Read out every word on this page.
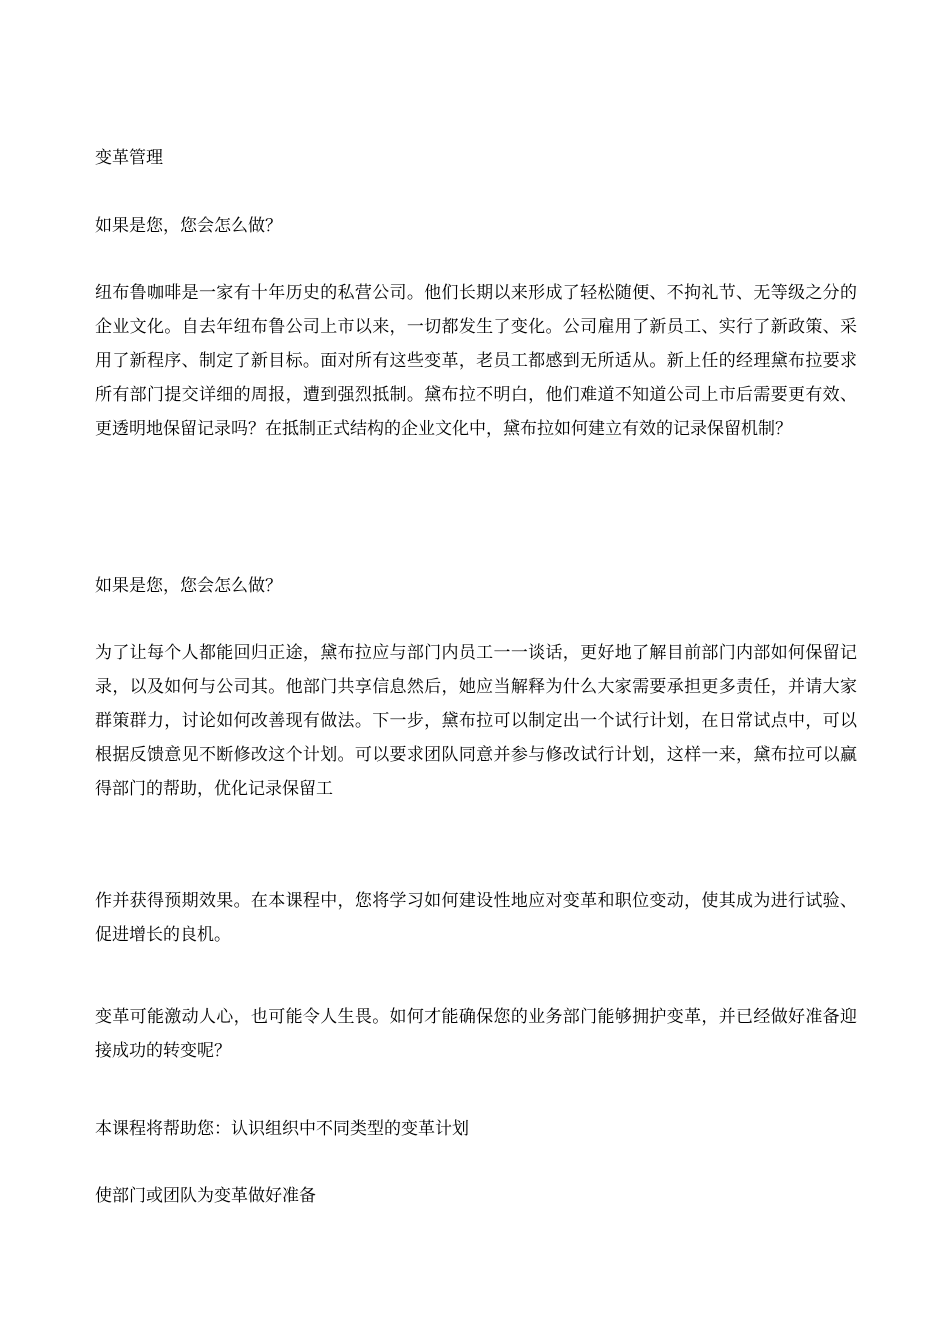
变革管理

如果是您，您会怎么做？

纽布鲁咖啡是一家有十年历史的私营公司。他们长期以来形成了轻松随便、不拘礼节、无等级之分的企业文化。自去年纽布鲁公司上市以来，一切都发生了变化。公司雇用了新员工、实行了新政策、采用了新程序、制定了新目标。面对所有这些变革，老员工都感到无所适从。新上任的经理黛布拉要求所有部门提交详细的周报，遭到强烈抵制。黛布拉不明白，他们难道不知道公司上市后需要更有效、更透明地保留记录吗？在抵制正式结构的企业文化中，黛布拉如何建立有效的记录保留机制？

如果是您，您会怎么做？

为了让每个人都能回归正途，黛布拉应与部门内员工一一谈话，更好地了解目前部门内部如何保留记录，以及如何与公司其。他部门共享信息然后，她应当解释为什么大家需要承担更多责任，并请大家群策群力，讨论如何改善现有做法。下一步，黛布拉可以制定出一个试行计划，在日常试点中，可以根据反馈意见不断修改这个计划。可以要求团队同意并参与修改试行计划，这样一来，黛布拉可以赢得部门的帮助，优化记录保留工

作并获得预期效果。在本课程中，您将学习如何建设性地应对变革和职位变动，使其成为进行试验、促进增长的良机。

变革可能激动人心，也可能令人生畏。如何才能确保您的业务部门能够拥护变革，并已经做好准备迎接成功的转变呢？

本课程将帮助您：认识组织中不同类型的变革计划

使部门或团队为变革做好准备
